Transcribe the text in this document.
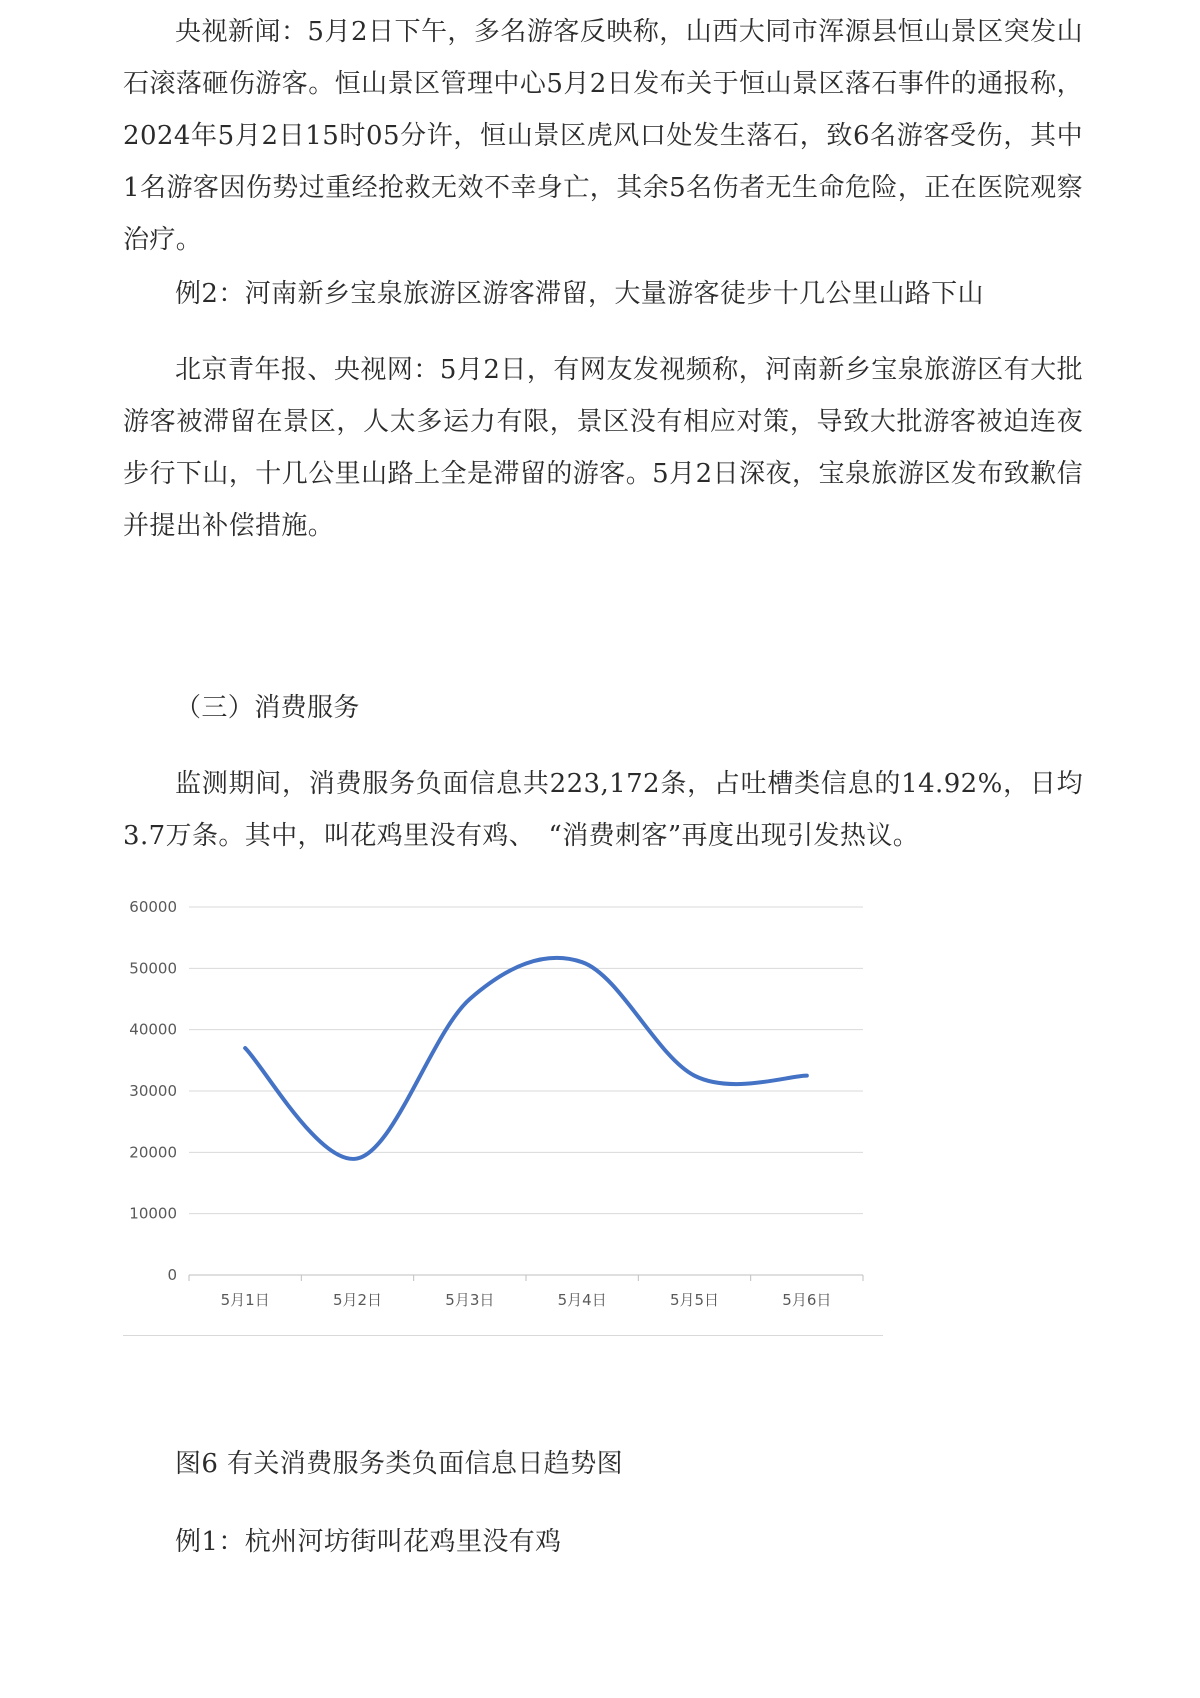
央视新闻：5月2日下午，多名游客反映称，山西大同市浑源县恒山景区突发山石滚落砸伤游客。恒山景区管理中心5月2日发布关于恒山景区落石事件的通报称，2024年5月2日15时05分许，恒山景区虎风口处发生落石，致6名游客受伤，其中1名游客因伤势过重经抢救无效不幸身亡，其余5名伤者无生命危险，正在医院观察治疗。

例2：河南新乡宝泉旅游区游客滞留，大量游客徒步十几公里山路下山

北京青年报、央视网：5月2日，有网友发视频称，河南新乡宝泉旅游区有大批游客被滞留在景区，人太多运力有限，景区没有相应对策，导致大批游客被迫连夜步行下山，十几公里山路上全是滞留的游客。5月2日深夜，宝泉旅游区发布致歉信并提出补偿措施。

（三）消费服务

监测期间，消费服务负面信息共223,172条，占吐槽类信息的14.92%，日均3.7万条。其中，叫花鸡里没有鸡、　“消费刺客”再度出现引发热议。

0
10000
20000
30000
40000
50000
60000
5月1日	5月2日	5月3日	5月4日	5月5日	5月6日

图6 有关消费服务类负面信息日趋势图

例1：杭州河坊街叫花鸡里没有鸡
